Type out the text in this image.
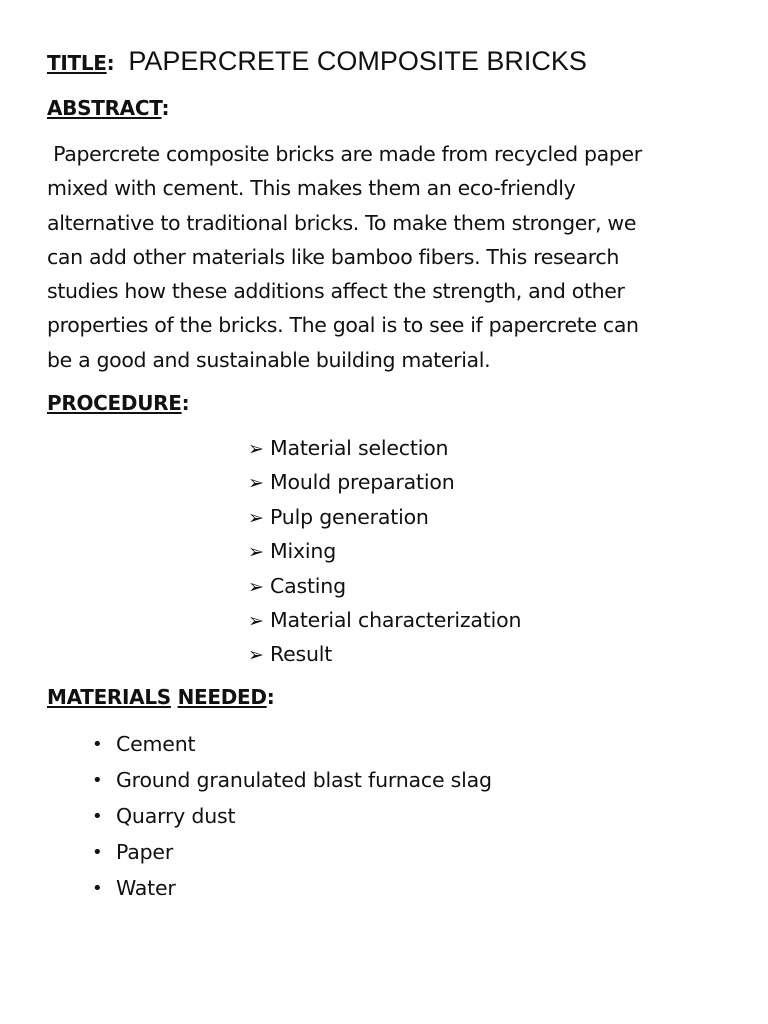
TITLE: PAPERCRETE COMPOSITE BRICKS
ABSTRACT:
Papercrete composite bricks are made from recycled paper
mixed with cement. This makes them an eco-friendly
alternative to traditional bricks. To make them stronger, we
can add other materials like bamboo fibers. This research
studies how these additions affect the strength, and other
properties of the bricks. The goal is to see if papercrete can
be a good and sustainable building material.
PROCEDURE:
➢ Material selection
➢ Mould preparation
➢ Pulp generation
➢ Mixing
➢ Casting
➢ Material characterization
➢ Result
MATERIALS NEEDED:
• Cement
• Ground granulated blast furnace slag
• Quarry dust
• Paper
• Water
